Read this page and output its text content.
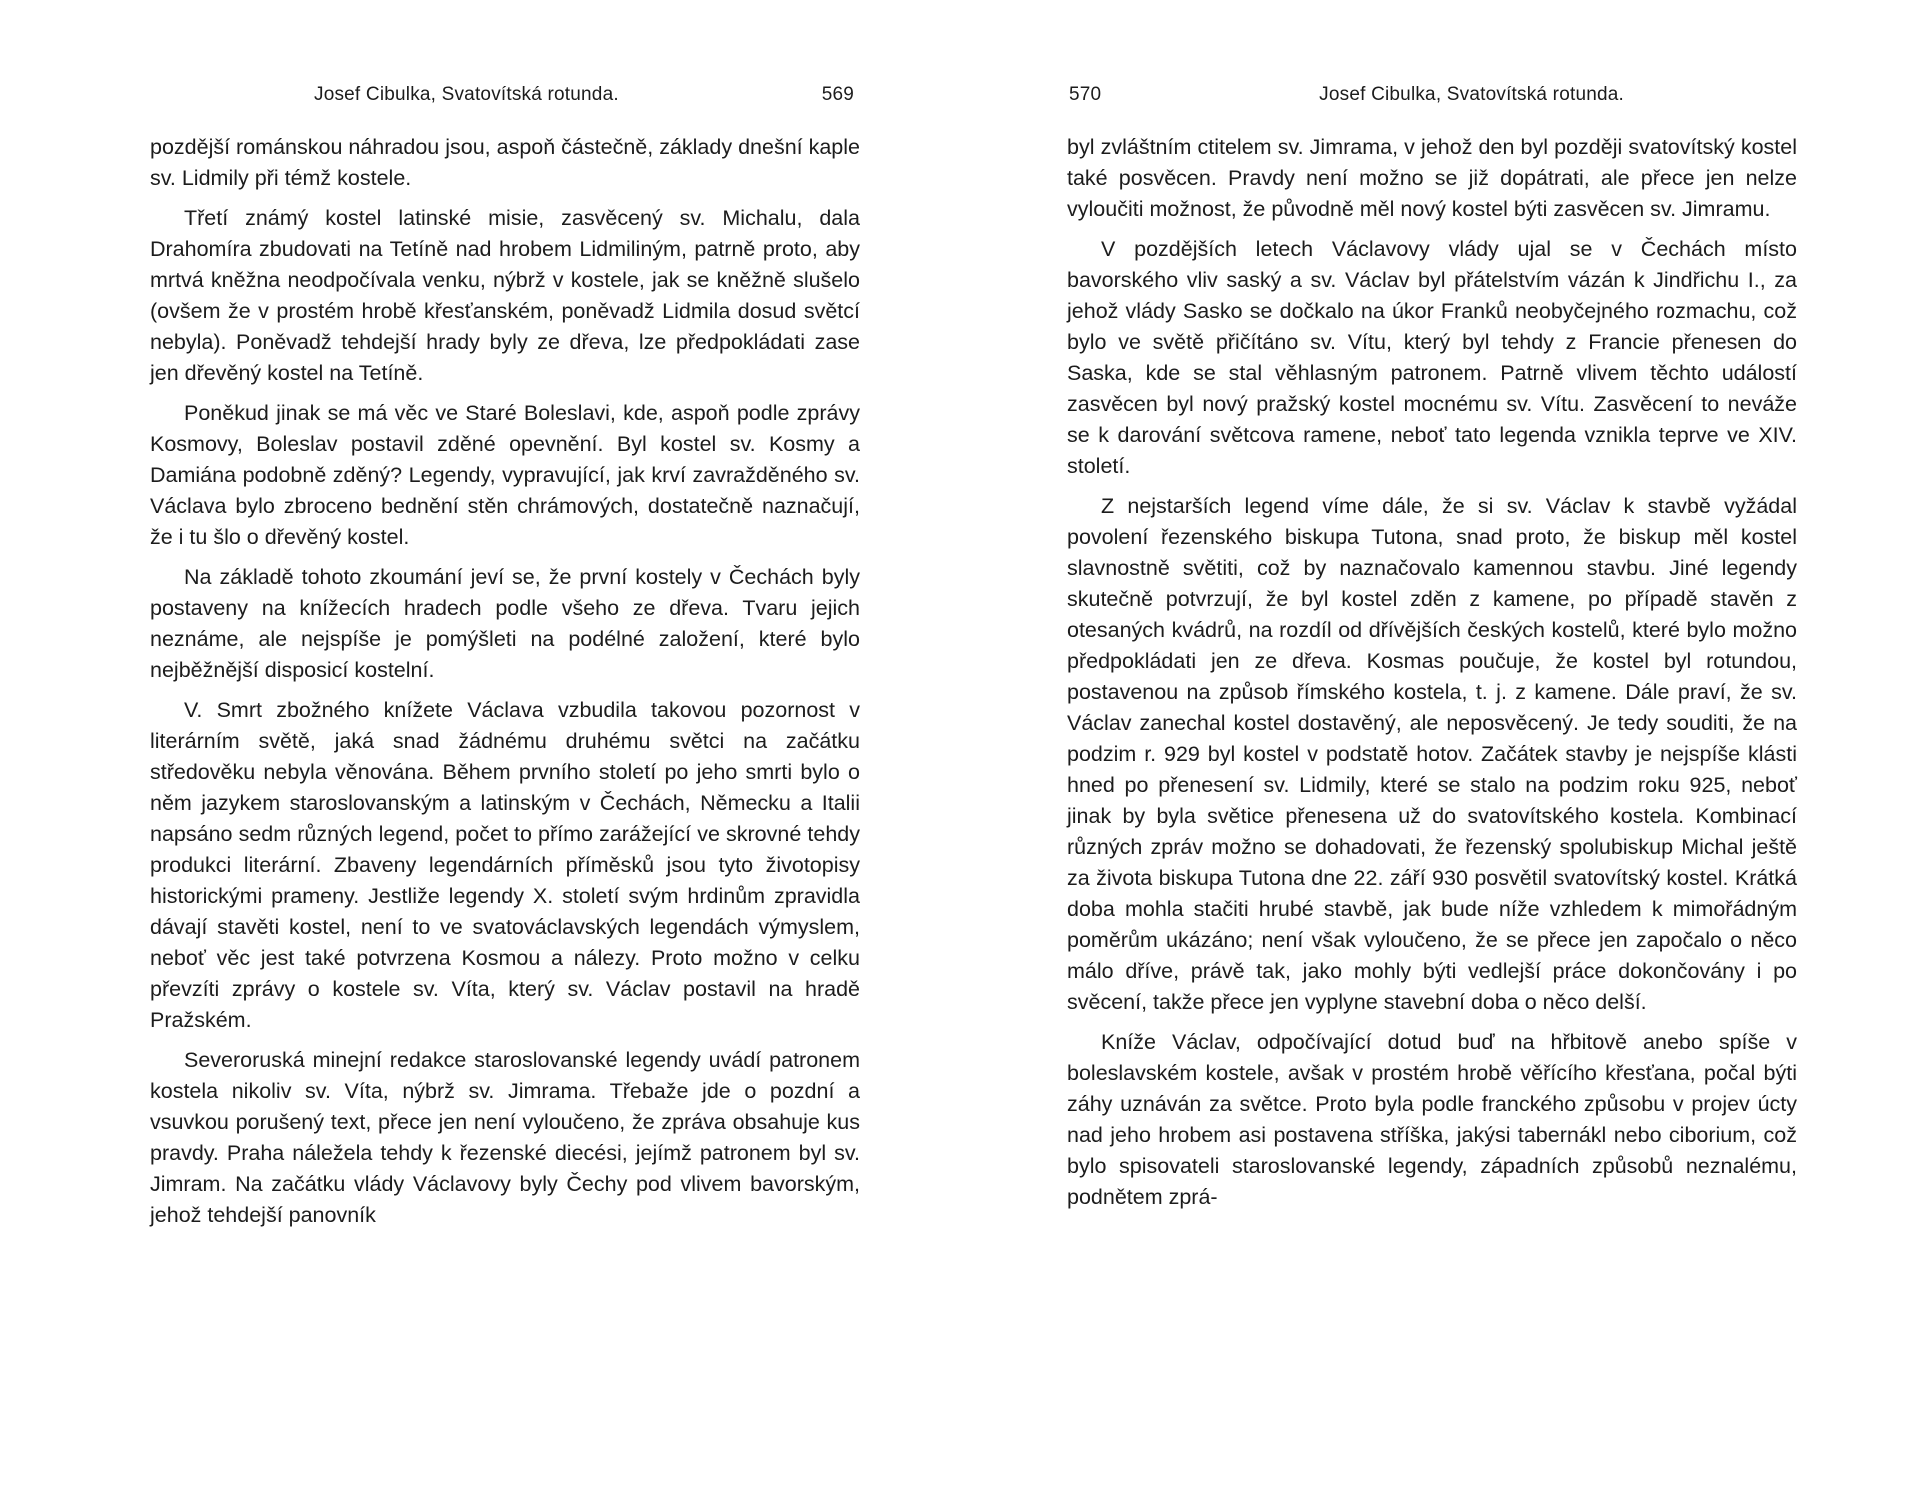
Josef Cibulka, Svatovítská rotunda.	569

pozdější románskou náhradou jsou, aspoň částečně, základy dnešní kaple sv. Lidmily při témž kostele.

Třetí známý kostel latinské misie, zasvěcený sv. Michalu, dala Drahomíra zbudovati na Tetíně nad hrobem Lidmiliným, patrně proto, aby mrtvá kněžna neodpočívala venku, nýbrž v kostele, jak se kněžně slušelo (ovšem že v prostém hrobě křesťanském, poněvadž Lidmila dosud světcí nebyla). Poněvadž tehdejší hrady byly ze dřeva, lze předpokládati zase jen dřevěný kostel na Tetíně.

Poněkud jinak se má věc ve Staré Boleslavi, kde, aspoň podle zprávy Kosmovy, Boleslav postavil zděné opevnění. Byl kostel sv. Kosmy a Damiána podobně zděný? Legendy, vypravující, jak krví zavražděného sv. Václava bylo zbroceno bednění stěn chrámových, dostatečně naznačují, že i tu šlo o dřevěný kostel.

Na základě tohoto zkoumání jeví se, že první kostely v Čechách byly postaveny na knížecích hradech podle všeho ze dřeva. Tvaru jejich neznáme, ale nejspíše je pomýšleti na podélné založení, které bylo nejběžnější disposicí kostelní.

V. Smrt zbožného knížete Václava vzbudila takovou pozornost v literárním světě, jaká snad žádnému druhému světci na začátku středověku nebyla věnována. Během prvního století po jeho smrti bylo o něm jazykem staroslovanským a latinským v Čechách, Německu a Italii napsáno sedm různých legend, počet to přímo zarážející ve skrovné tehdy produkci literární. Zbaveny legendárních příměsků jsou tyto životopisy historickými prameny. Jestliže legendy X. století svým hrdinům zpravidla dávají stavěti kostel, není to ve svatováclavských legendách výmyslem, neboť věc jest také potvrzena Kosmou a nálezy. Proto možno v celku převzíti zprávy o kostele sv. Víta, který sv. Václav postavil na hradě Pražském.

Severoruská minejní redakce staroslovanské legendy uvádí patronem kostela nikoliv sv. Víta, nýbrž sv. Jimrama. Třebaže jde o pozdní a vsuvkou porušený text, přece jen není vyloučeno, že zpráva obsahuje kus pravdy. Praha náležela tehdy k řezenské diecési, jejímž patronem byl sv. Jimram. Na začátku vlády Václavovy byly Čechy pod vlivem bavorským, jehož tehdejší panovník

570	Josef Cibulka, Svatovítská rotunda.

byl zvláštním ctitelem sv. Jimrama, v jehož den byl později svatovítský kostel také posvěcen. Pravdy není možno se již dopátrati, ale přece jen nelze vyloučiti možnost, že původně měl nový kostel býti zasvěcen sv. Jimramu.

V pozdějších letech Václavovy vlády ujal se v Čechách místo bavorského vliv saský a sv. Václav byl přátelstvím vázán k Jindřichu I., za jehož vlády Sasko se dočkalo na úkor Franků neobyčejného rozmachu, což bylo ve světě přičítáno sv. Vítu, který byl tehdy z Francie přenesen do Saska, kde se stal věhlasným patronem. Patrně vlivem těchto událostí zasvěcen byl nový pražský kostel mocnému sv. Vítu. Zasvěcení to neváže se k darování světcova ramene, neboť tato legenda vznikla teprve ve XIV. století.

Z nejstarších legend víme dále, že si sv. Václav k stavbě vyžádal povolení řezenského biskupa Tutona, snad proto, že biskup měl kostel slavnostně světiti, což by naznačovalo kamennou stavbu. Jiné legendy skutečně potvrzují, že byl kostel zděn z kamene, po případě stavěn z otesaných kvádrů, na rozdíl od dřívějších českých kostelů, které bylo možno předpokládati jen ze dřeva. Kosmas poučuje, že kostel byl rotundou, postavenou na způsob římského kostela, t. j. z kamene. Dále praví, že sv. Václav zanechal kostel dostavěný, ale neposvěcený. Je tedy souditi, že na podzim r. 929 byl kostel v podstatě hotov. Začátek stavby je nejspíše klásti hned po přenesení sv. Lidmily, které se stalo na podzim roku 925, neboť jinak by byla světice přenesena už do svatovítského kostela. Kombinací různých zpráv možno se dohadovati, že řezenský spolubiskup Michal ještě za života biskupa Tutona dne 22. září 930 posvětil svatovítský kostel. Krátká doba mohla stačiti hrubé stavbě, jak bude níže vzhledem k mimořádným poměrům ukázáno; není však vyloučeno, že se přece jen započalo o něco málo dříve, právě tak, jako mohly býti vedlejší práce dokončovány i po svěcení, takže přece jen vyplyne stavební doba o něco delší.

Kníže Václav, odpočívající dotud buď na hřbitově anebo spíše v boleslavském kostele, avšak v prostém hrobě věřícího křesťana, počal býti záhy uznáván za světce. Proto byla podle franckého způsobu v projev úcty nad jeho hrobem asi postavena stříška, jakýsi tabernákl nebo ciborium, což bylo spisovateli staroslovanské legendy, západních způsobů neznalému, podnětem zprá-
